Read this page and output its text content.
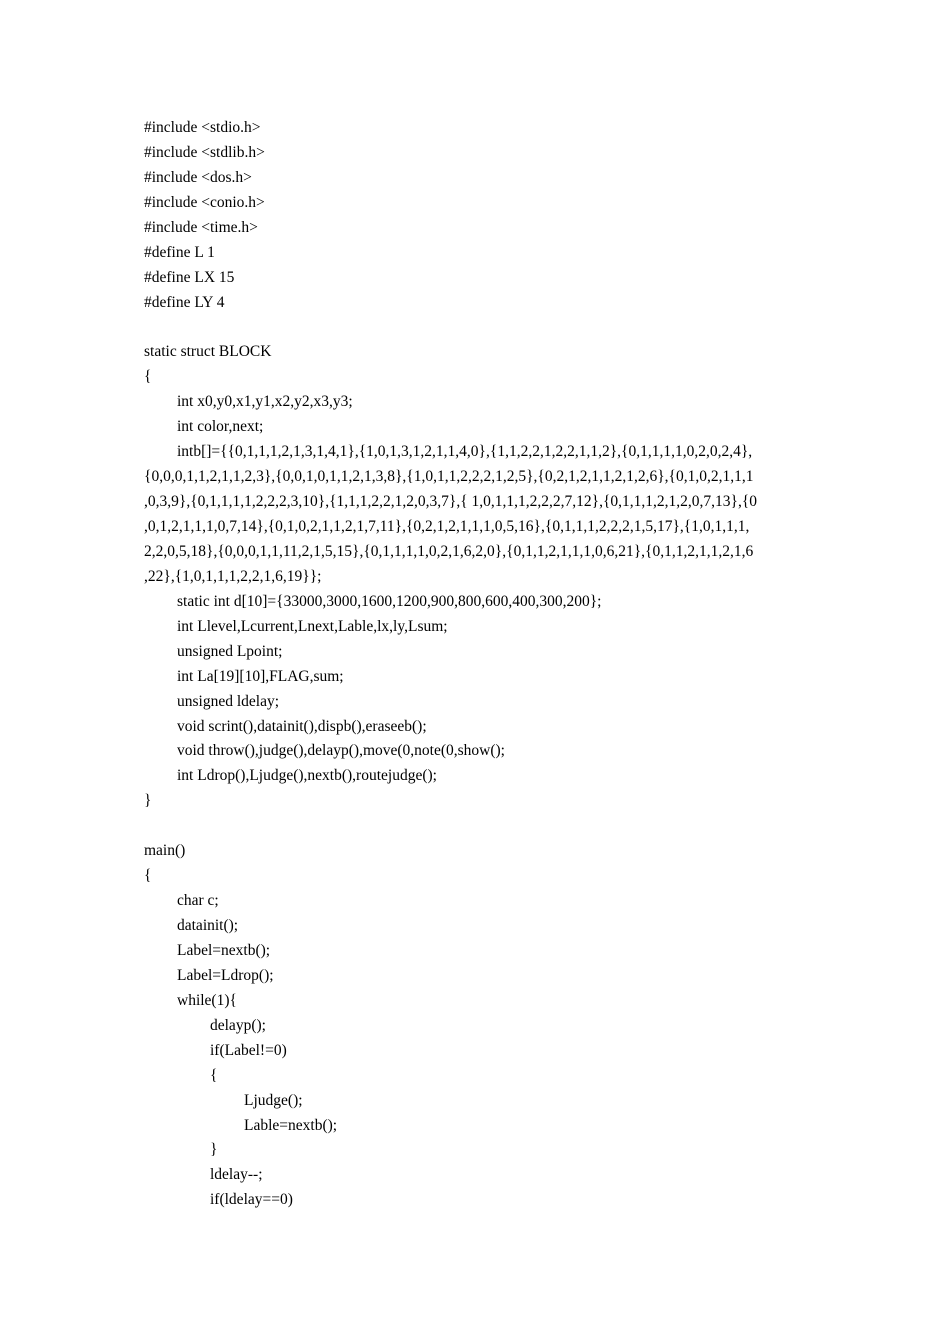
#include <stdio.h>
#include <stdlib.h>
#include <dos.h>
#include <conio.h>
#include <time.h>
#define L 1
#define LX 15
#define LY 4
static struct BLOCK
{
int x0,y0,x1,y1,x2,y2,x3,y3;
int color,next;
intb[]={{0,1,1,1,2,1,3,1,4,1},{1,0,1,3,1,2,1,1,4,0},{1,1,2,2,1,2,2,1,1,2},{0,1,1,1,1,0,2,0,2,4},
{0,0,0,1,1,2,1,1,2,3},{0,0,1,0,1,1,2,1,3,8},{1,0,1,1,2,2,2,1,2,5},{0,2,1,2,1,1,2,1,2,6},{0,1,0,2,1,1,1
,0,3,9},{0,1,1,1,1,2,2,2,3,10},{1,1,1,2,2,1,2,0,3,7},{ 1,0,1,1,1,2,2,2,7,12},{0,1,1,1,2,1,2,0,7,13},{0
,0,1,2,1,1,1,0,7,14},{0,1,0,2,1,1,2,1,7,11},{0,2,1,2,1,1,1,0,5,16},{0,1,1,1,2,2,2,1,5,17},{1,0,1,1,1,
2,2,0,5,18},{0,0,0,1,1,11,2,1,5,15},{0,1,1,1,1,0,2,1,6,2,0},{0,1,1,2,1,1,1,0,6,21},{0,1,1,2,1,1,2,1,6
,22},{1,0,1,1,1,2,2,1,6,19}};
static int d[10]={33000,3000,1600,1200,900,800,600,400,300,200};
int Llevel,Lcurrent,Lnext,Lable,lx,ly,Lsum;
unsigned Lpoint;
int La[19][10],FLAG,sum;
unsigned ldelay;
void scrint(),datainit(),dispb(),eraseeb();
void throw(),judge(),delayp(),move(0,note(0,show();
int Ldrop(),Ljudge(),nextb(),routejudge();
}
main()
{
char c;
datainit();
Label=nextb();
Label=Ldrop();
while(1){
delayp();
if(Label!=0)
{
Ljudge();
Lable=nextb();
}
ldelay--;
if(ldelay==0)
